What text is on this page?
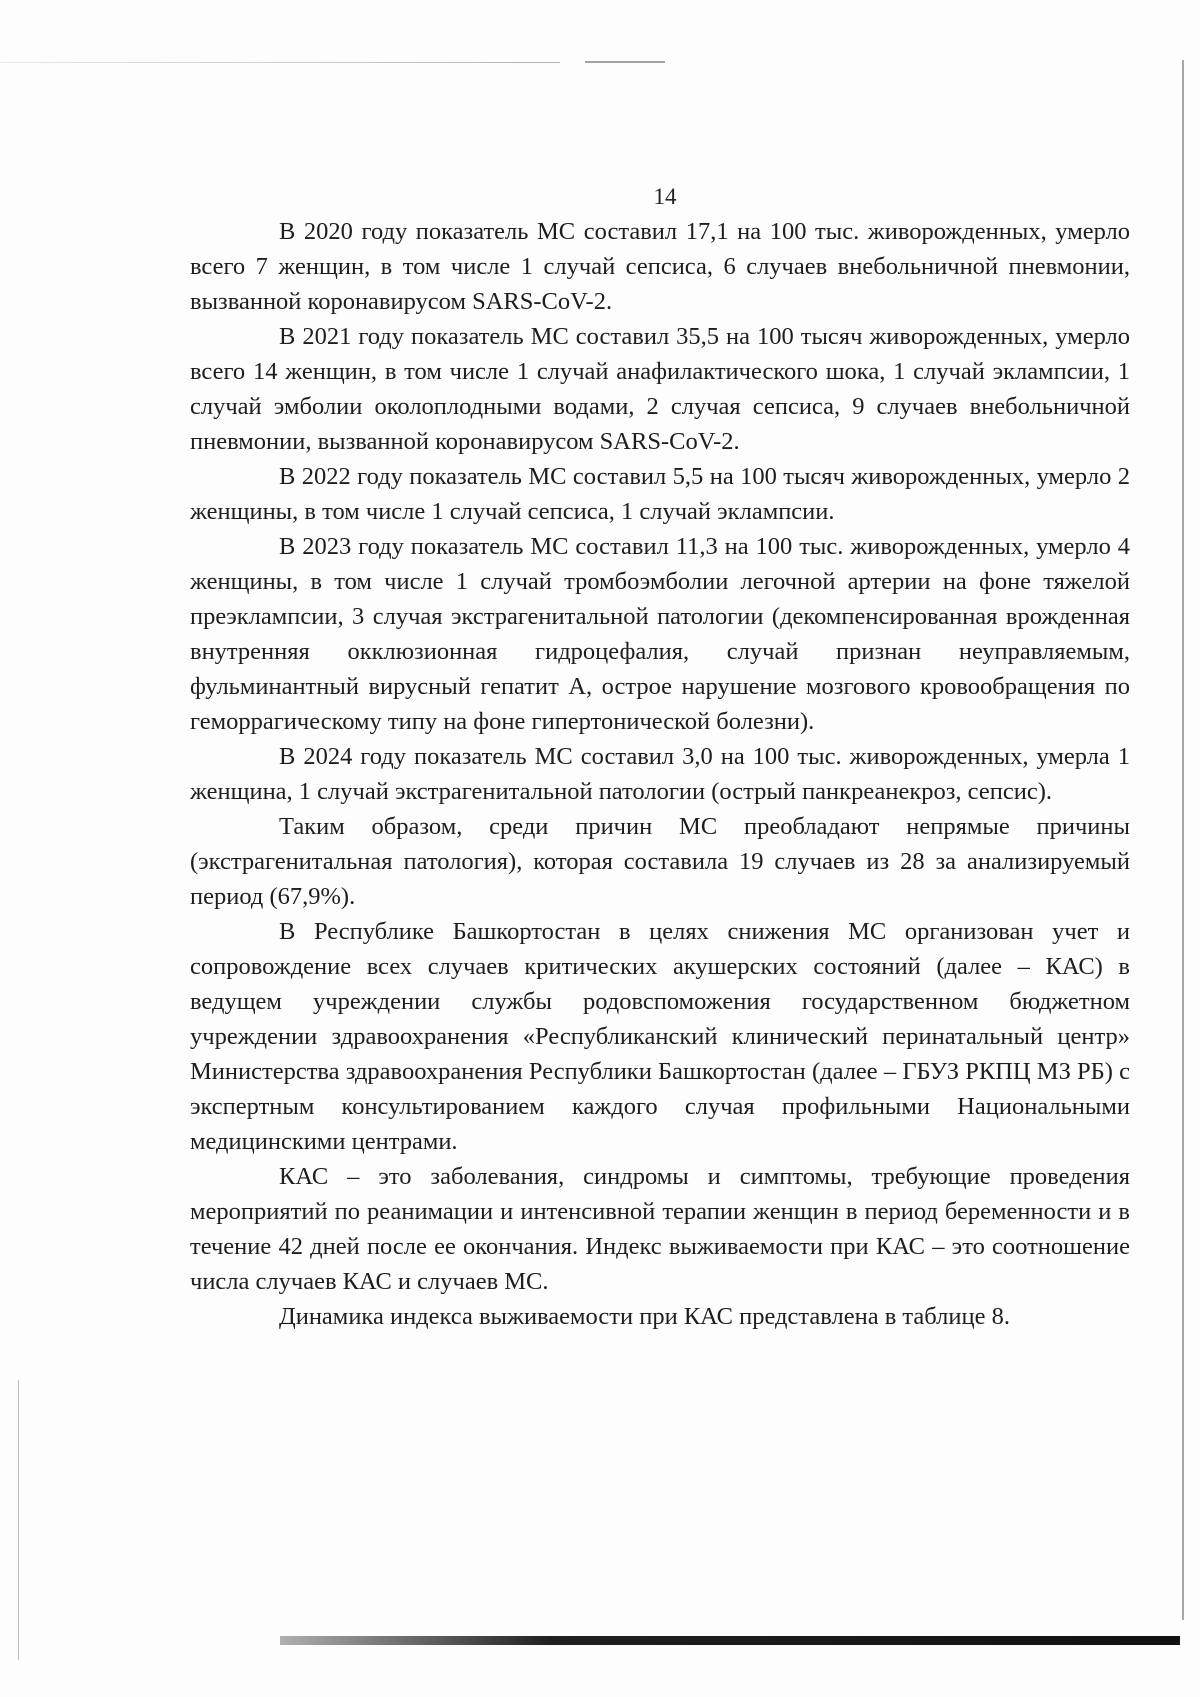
14

В 2020 году показатель МС составил 17,1 на 100 тыс. живорожденных, умерло всего 7 женщин, в том числе 1 случай сепсиса, 6 случаев внебольничной пневмонии, вызванной коронавирусом SARS-CoV-2.

В 2021 году показатель МС составил 35,5 на 100 тысяч живорожденных, умерло всего 14 женщин, в том числе 1 случай анафилактического шока, 1 случай эклампсии, 1 случай эмболии околоплодными водами, 2 случая сепсиса, 9 случаев внебольничной пневмонии, вызванной коронавирусом SARS-CoV-2.

В 2022 году показатель МС составил 5,5 на 100 тысяч живорожденных, умерло 2 женщины, в том числе 1 случай сепсиса, 1 случай эклампсии.

В 2023 году показатель МС составил 11,3 на 100 тыс. живорожденных, умерло 4 женщины, в том числе 1 случай тромбоэмболии легочной артерии на фоне тяжелой преэклампсии, 3 случая экстрагенитальной патологии (декомпенсированная врожденная внутренняя окклюзионная гидроцефалия, случай признан неуправляемым, фульминантный вирусный гепатит А, острое нарушение мозгового кровообращения по геморрагическому типу на фоне гипертонической болезни).

В 2024 году показатель МС составил 3,0 на 100 тыс. живорожденных, умерла 1 женщина, 1 случай экстрагенитальной патологии (острый панкреанекроз, сепсис).

Таким образом, среди причин МС преобладают непрямые причины (экстрагенитальная патология), которая составила 19 случаев из 28 за анализируемый период (67,9%).

В Республике Башкортостан в целях снижения МС организован учет и сопровождение всех случаев критических акушерских состояний (далее – КАС) в ведущем учреждении службы родовспоможения государственном бюджетном учреждении здравоохранения «Республиканский клинический перинатальный центр» Министерства здравоохранения Республики Башкортостан (далее – ГБУЗ РКПЦ МЗ РБ) с экспертным консультированием каждого случая профильными Национальными медицинскими центрами.

КАС – это заболевания, синдромы и симптомы, требующие проведения мероприятий по реанимации и интенсивной терапии женщин в период беременности и в течение 42 дней после ее окончания. Индекс выживаемости при КАС – это соотношение числа случаев КАС и случаев МС.

Динамика индекса выживаемости при КАС представлена в таблице 8.
